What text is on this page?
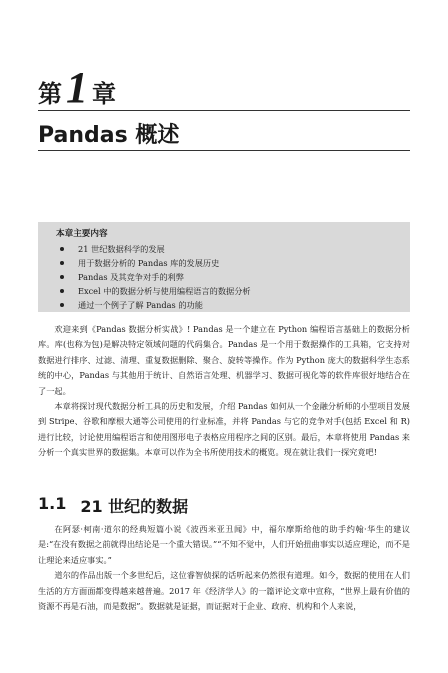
第 1 章
Pandas 概述
本章主要内容
21 世纪数据科学的发展
用于数据分析的 Pandas 库的发展历史
Pandas 及其竞争对手的利弊
Excel 中的数据分析与使用编程语言的数据分析
通过一个例子了解 Pandas 的功能

欢迎来到《Pandas 数据分析实战》! Pandas 是一个建立在 Python 编程语言基础上的数据分析库。库(也称为包)是解决特定领域问题的代码集合。Pandas 是一个用于数据操作的工具箱，它支持对数据进行排序、过滤、清理、重复数据删除、聚合、旋转等操作。作为 Python 庞大的数据科学生态系统的中心，Pandas 与其他用于统计、自然语言处理、机器学习、数据可视化等的软件库很好地结合在了一起。

本章将探讨现代数据分析工具的历史和发展，介绍 Pandas 如何从一个金融分析师的小型项目发展到 Stripe、谷歌和摩根大通等公司使用的行业标准，并将 Pandas 与它的竞争对手(包括 Excel 和 R)进行比较，讨论使用编程语言和使用图形电子表格应用程序之间的区别。最后，本章将使用 Pandas 来分析一个真实世界的数据集。本章可以作为全书所使用技术的概览。现在就让我们一探究竟吧!

1.1 21 世纪的数据

在阿瑟·柯南·道尔的经典短篇小说《波西米亚丑闻》中，福尔摩斯给他的助手约翰·华生的建议是:“在没有数据之前就得出结论是一个重大错误。”“不知不觉中，人们开始扭曲事实以适应理论，而不是让理论来适应事实。”

道尔的作品出版一个多世纪后，这位睿智侦探的话听起来仍然很有道理。如今，数据的使用在人们生活的方方面面都变得越来越普遍。2017 年《经济学人》的一篇评论文章中宣称，“世界上最有价值的资源不再是石油，而是数据”。数据就是证据，而证据对于企业、政府、机构和个人来说，
